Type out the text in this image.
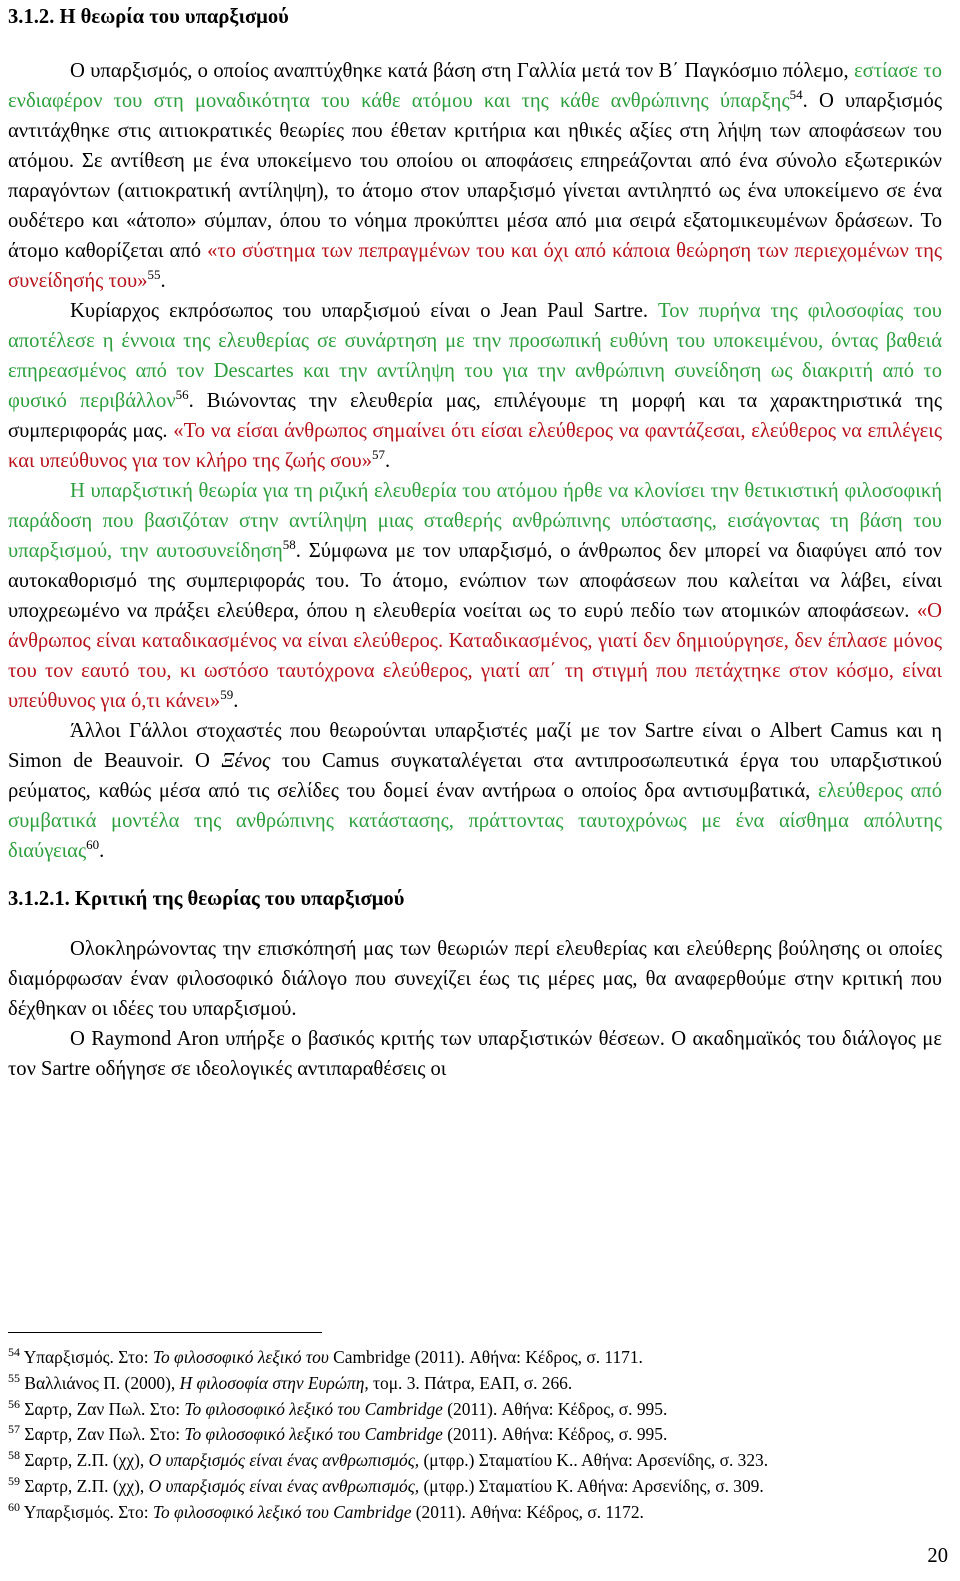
3.1.2. Η θεωρία του υπαρξισμού

Ο υπαρξισμός, ο οποίος αναπτύχθηκε κατά βάση στη Γαλλία μετά τον Β΄ Παγκόσμιο πόλεμο, εστίασε το ενδιαφέρον του στη μοναδικότητα του κάθε ατόμου και της κάθε ανθρώπινης ύπαρξης$^{54}$. Ο υπαρξισμός αντιτάχθηκε στις αιτιοκρατικές θεωρίες που έθεταν κριτήρια και ηθικές αξίες στη λήψη των αποφάσεων του ατόμου. Σε αντίθεση με ένα υποκείμενο του οποίου οι αποφάσεις επηρεάζονται από ένα σύνολο εξωτερικών παραγόντων (αιτιοκρατική αντίληψη), το άτομο στον υπαρξισμό γίνεται αντιληπτό ως ένα υποκείμενο σε ένα ουδέτερο και «άτοπο» σύμπαν, όπου το νόημα προκύπτει μέσα από μια σειρά εξατομικευμένων δράσεων. Το άτομο καθορίζεται από «το σύστημα των πεπραγμένων του και όχι από κάποια θεώρηση των περιεχομένων της συνείδησής του»$^{55}$.

Κυρίαρχος εκπρόσωπος του υπαρξισμού είναι ο Jean Paul Sartre. Τον πυρήνα της φιλοσοφίας του αποτέλεσε η έννοια της ελευθερίας σε συνάρτηση με την προσωπική ευθύνη του υποκειμένου, όντας βαθειά επηρεασμένος από τον Descartes και την αντίληψη του για την ανθρώπινη συνείδηση ως διακριτή από το φυσικό περιβάλλον$^{56}$. Βιώνοντας την ελευθερία μας, επιλέγουμε τη μορφή και τα χαρακτηριστικά της συμπεριφοράς μας. «Το να είσαι άνθρωπος σημαίνει ότι είσαι ελεύθερος να φαντάζεσαι, ελεύθερος να επιλέγεις και υπεύθυνος για τον κλήρο της ζωής σου»$^{57}$.

Η υπαρξιστική θεωρία για τη ριζική ελευθερία του ατόμου ήρθε να κλονίσει την θετικιστική φιλοσοφική παράδοση που βασιζόταν στην αντίληψη μιας σταθερής ανθρώπινης υπόστασης, εισάγοντας τη βάση του υπαρξισμού, την αυτοσυνείδηση$^{58}$. Σύμφωνα με τον υπαρξισμό, ο άνθρωπος δεν μπορεί να διαφύγει από τον αυτοκαθορισμό της συμπεριφοράς του. Το άτομο, ενώπιον των αποφάσεων που καλείται να λάβει, είναι υποχρεωμένο να πράξει ελεύθερα, όπου η ελευθερία νοείται ως το ευρύ πεδίο των ατομικών αποφάσεων. «Ο άνθρωπος είναι καταδικασμένος να είναι ελεύθερος. Καταδικασμένος, γιατί δεν δημιούργησε, δεν έπλασε μόνος του τον εαυτό του, κι ωστόσο ταυτόχρονα ελεύθερος, γιατί απ΄ τη στιγμή που πετάχτηκε στον κόσμο, είναι υπεύθυνος για ό,τι κάνει»$^{59}$.

Άλλοι Γάλλοι στοχαστές που θεωρούνται υπαρξιστές μαζί με τον Sartre είναι ο Albert Camus και η Simon de Beauvoir. Ο Ξένος του Camus συγκαταλέγεται στα αντιπροσωπευτικά έργα του υπαρξιστικού ρεύματος, καθώς μέσα από τις σελίδες του δομεί έναν αντήρωα ο οποίος δρα αντισυμβατικά, ελεύθερος από συμβατικά μοντέλα της ανθρώπινης κατάστασης, πράττοντας ταυτοχρόνως με ένα αίσθημα απόλυτης διαύγειας$^{60}$.

3.1.2.1. Κριτική της θεωρίας του υπαρξισμού

Ολοκληρώνοντας την επισκόπησή μας των θεωριών περί ελευθερίας και ελεύθερης βούλησης οι οποίες διαμόρφωσαν έναν φιλοσοφικό διάλογο που συνεχίζει έως τις μέρες μας, θα αναφερθούμε στην κριτική που δέχθηκαν οι ιδέες του υπαρξισμού.

Ο Raymond Aron υπήρξε ο βασικός κριτής των υπαρξιστικών θέσεων. Ο ακαδημαϊκός του διάλογος με τον Sartre οδήγησε σε ιδεολογικές αντιπαραθέσεις οι

$^{54}$ Υπαρξισμός. Στο: Το φιλοσοφικό λεξικό του Cambridge (2011). Αθήνα: Κέδρος, σ. 1171.

$^{55}$ Βαλλιάνος Π. (2000), Η φιλοσοφία στην Ευρώπη, τομ. 3. Πάτρα, ΕΑΠ, σ. 266.

$^{56}$ Σαρτρ, Ζαν Πωλ. Στο: Το φιλοσοφικό λεξικό του Cambridge (2011). Αθήνα: Κέδρος, σ. 995.

$^{57}$ Σαρτρ, Ζαν Πωλ. Στο: Το φιλοσοφικό λεξικό του Cambridge (2011). Αθήνα: Κέδρος, σ. 995.

$^{58}$ Σαρτρ, Ζ.Π. (χχ), Ο υπαρξισμός είναι ένας ανθρωπισμός, (μτφρ.) Σταματίου Κ.. Αθήνα: Αρσενίδης, σ. 323.

$^{59}$ Σαρτρ, Ζ.Π. (χχ), Ο υπαρξισμός είναι ένας ανθρωπισμός, (μτφρ.) Σταματίου Κ. Αθήνα: Αρσενίδης, σ. 309.

$^{60}$ Υπαρξισμός. Στο: Το φιλοσοφικό λεξικό του Cambridge (2011). Αθήνα: Κέδρος, σ. 1172.

20
